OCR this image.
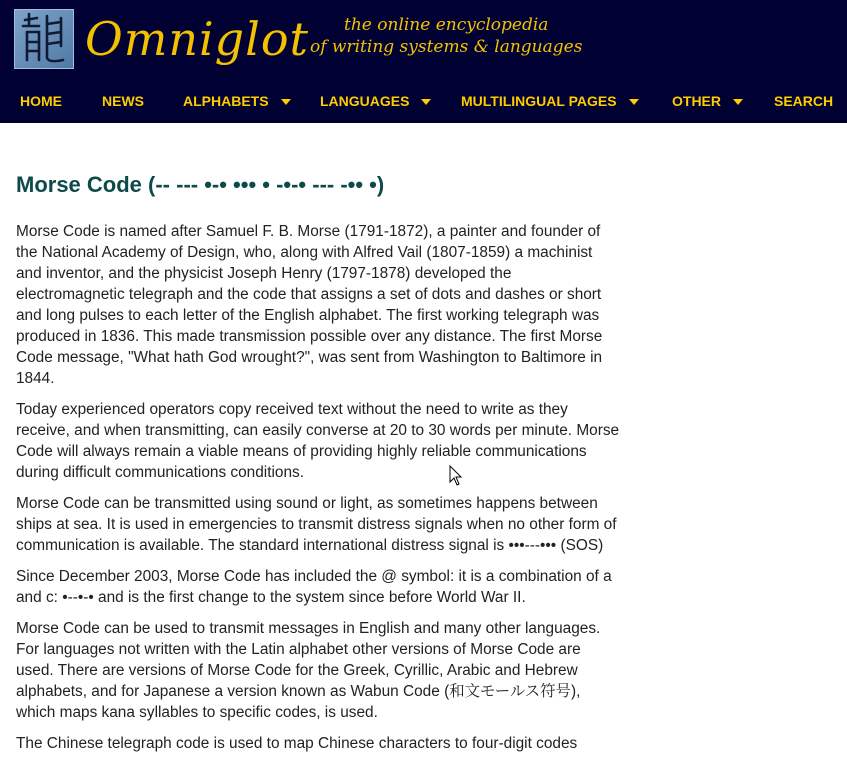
Omniglot	the online encyclopedia
of writing systems & languages
HOME	NEWS	ALPHABETS	LANGUAGES	MULTILINGUAL PAGES	OTHER	SEARCH
Morse Code (-- --- •-• ••• • -•-• --- -•• •)

Morse Code is named after Samuel F. B. Morse (1791-1872), a painter and founder of the National Academy of Design, who, along with Alfred Vail (1807-1859) a machinist and inventor, and the physicist Joseph Henry (1797-1878) developed the electromagnetic telegraph and the code that assigns a set of dots and dashes or short and long pulses to each letter of the English alphabet. The first working telegraph was produced in 1836. This made transmission possible over any distance. The first Morse Code message, "What hath God wrought?", was sent from Washington to Baltimore in 1844.

Today experienced operators copy received text without the need to write as they receive, and when transmitting, can easily converse at 20 to 30 words per minute. Morse Code will always remain a viable means of providing highly reliable communications during difficult communications conditions.

Morse Code can be transmitted using sound or light, as sometimes happens between ships at sea. It is used in emergencies to transmit distress signals when no other form of communication is available. The standard international distress signal is •••---••• (SOS)

Since December 2003, Morse Code has included the @ symbol: it is a combination of a and c: •--•-• and is the first change to the system since before World War II.

Morse Code can be used to transmit messages in English and many other languages. For languages not written with the Latin alphabet other versions of Morse Code are used. There are versions of Morse Code for the Greek, Cyrillic, Arabic and Hebrew alphabets, and for Japanese a version known as Wabun Code (和文モールス符号), which maps kana syllables to specific codes, is used.

The Chinese telegraph code is used to map Chinese characters to four-digit codes
